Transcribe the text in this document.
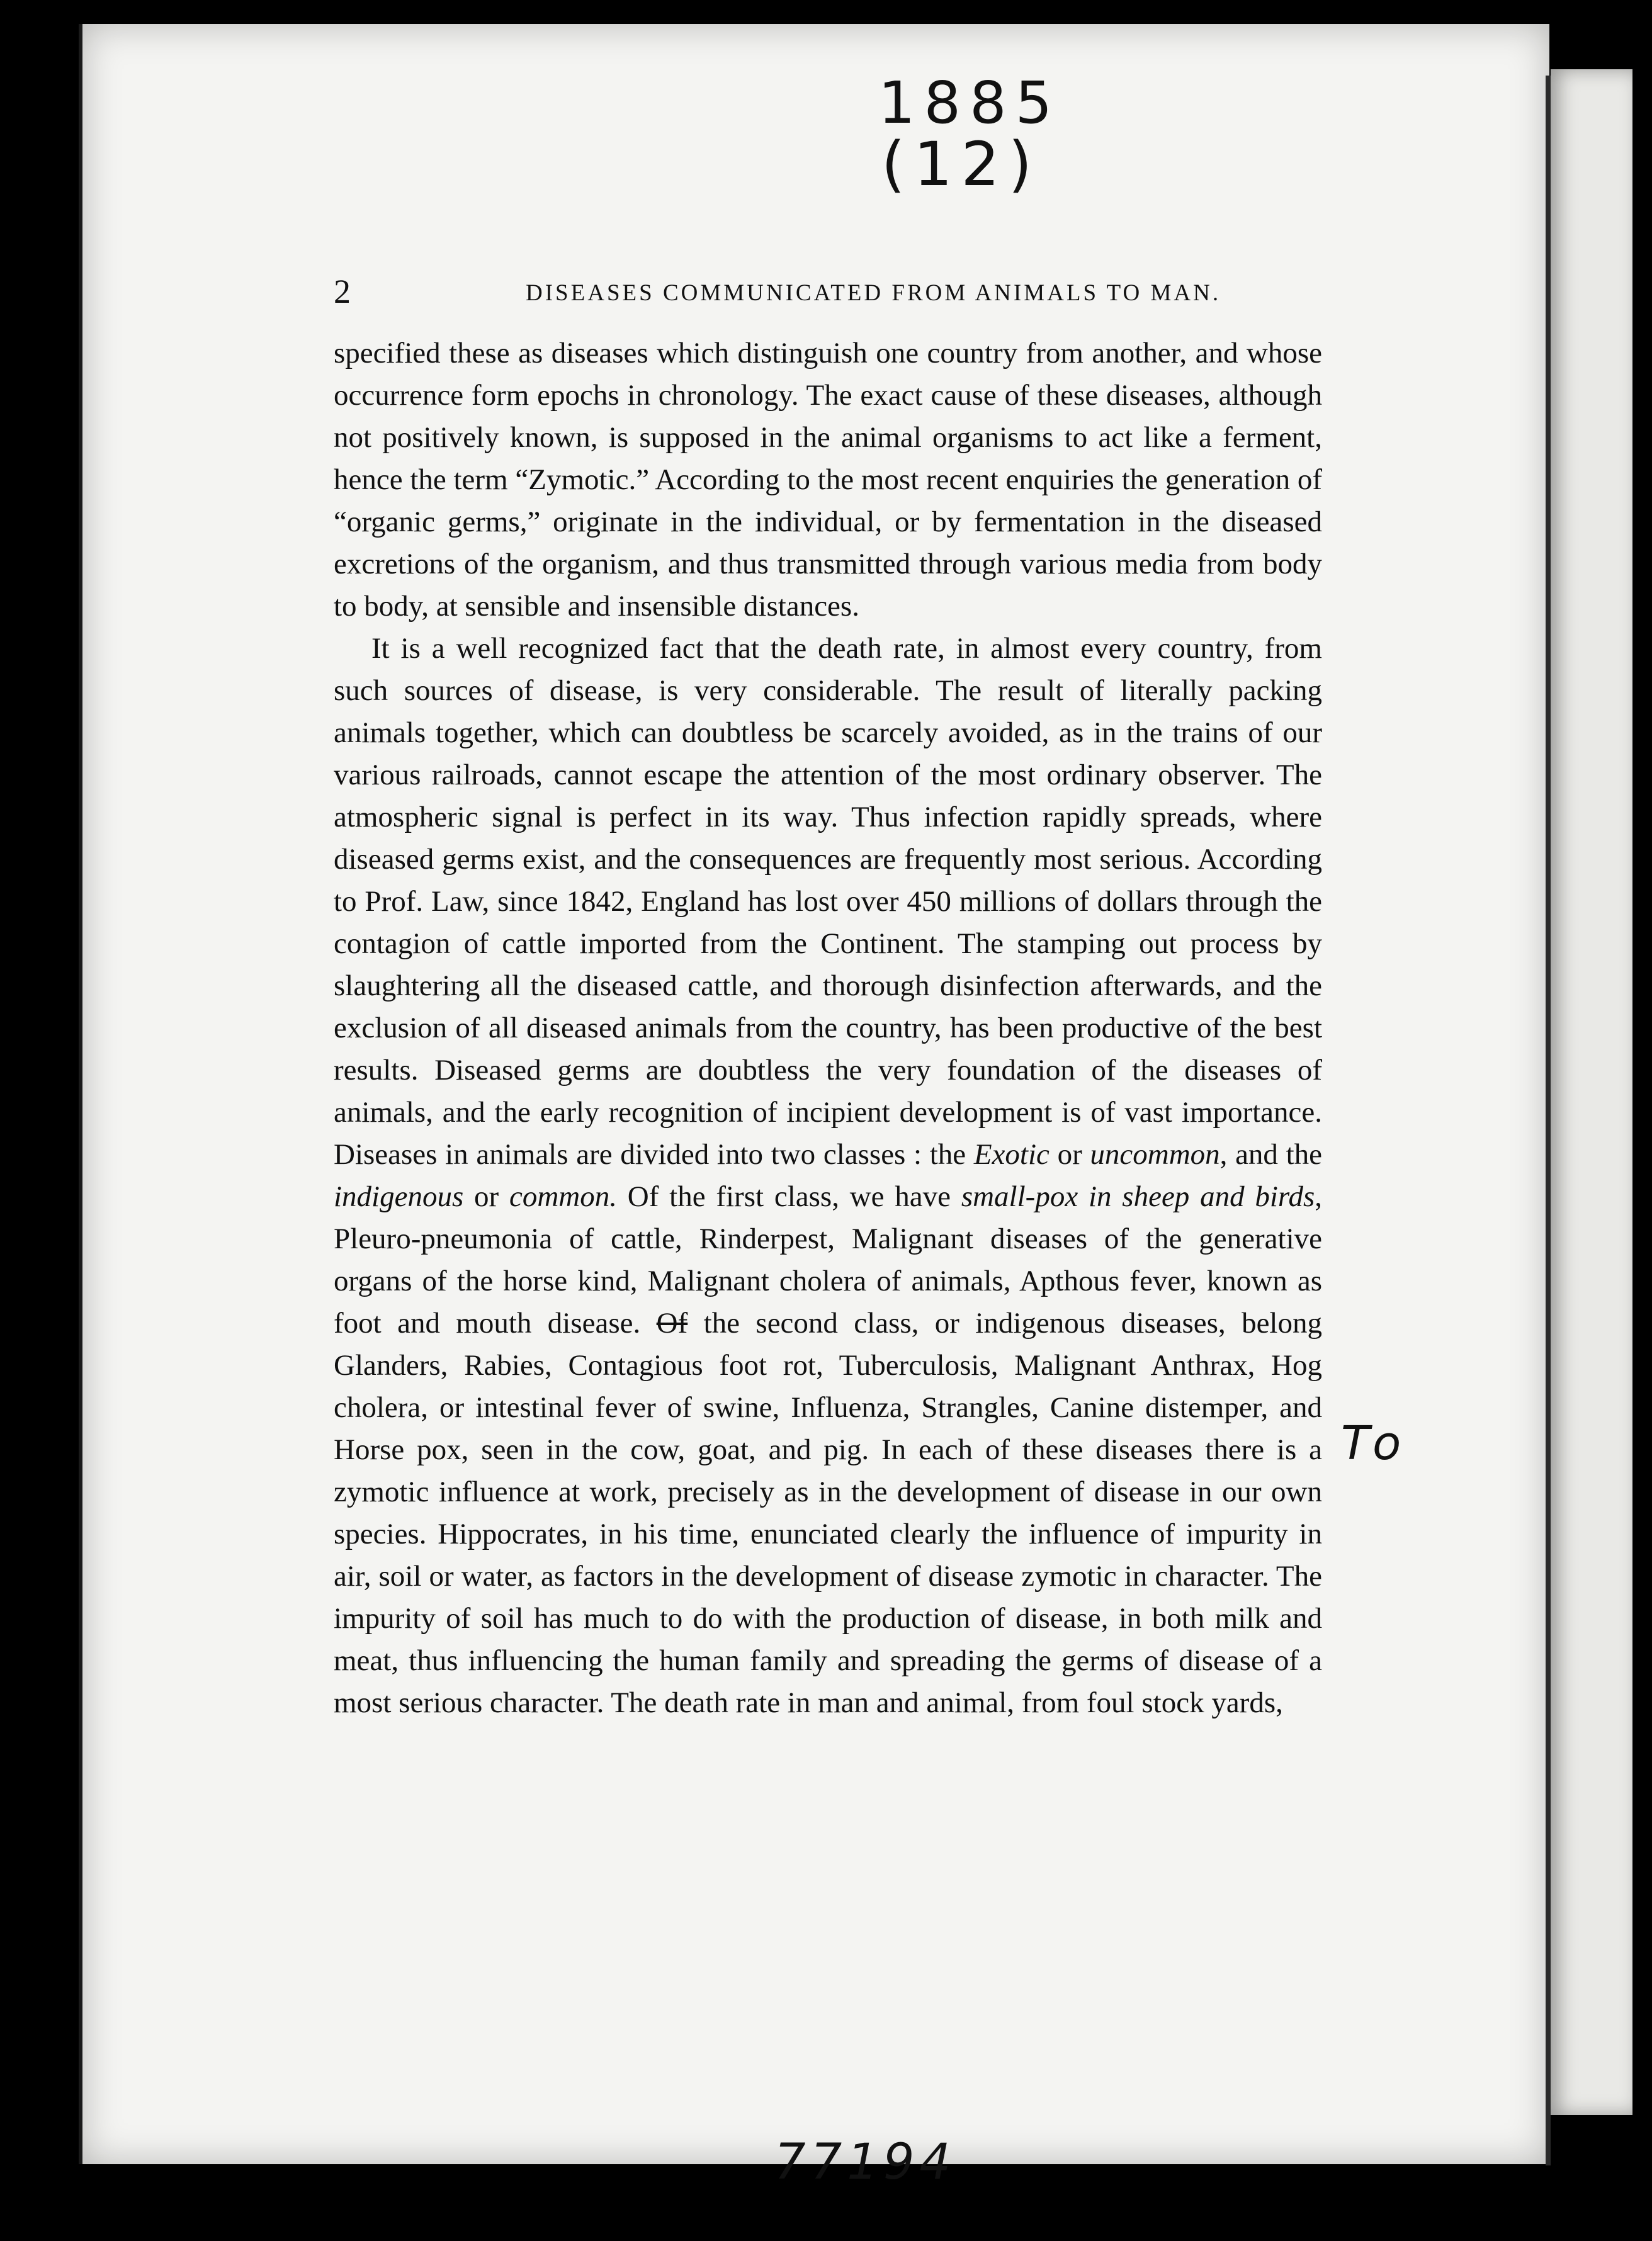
1885
(12)
To
77194
2	DISEASES COMMUNICATED FROM ANIMALS TO MAN.

specified these as diseases which distinguish one country from another, and whose occurrence form epochs in chronology. The exact cause of these diseases, although not positively known, is supposed in the animal organisms to act like a ferment, hence the term “Zymotic.” According to the most recent enquiries the generation of “organic germs,” originate in the individual, or by fermentation in the diseased excretions of the organism, and thus transmitted through various media from body to body, at sensible and insensible distances.

It is a well recognized fact that the death rate, in almost every country, from such sources of disease, is very considerable. The result of literally packing animals together, which can doubtless be scarcely avoided, as in the trains of our various railroads, cannot escape the attention of the most ordinary observer. The atmospheric signal is perfect in its way. Thus infection rapidly spreads, where diseased germs exist, and the consequences are frequently most serious. According to Prof. Law, since 1842, England has lost over 450 millions of dollars through the contagion of cattle imported from the Continent. The stamping out process by slaughtering all the diseased cattle, and thorough disinfection afterwards, and the exclusion of all diseased animals from the country, has been productive of the best results. Diseased germs are doubtless the very foundation of the diseases of animals, and the early recognition of incipient development is of vast importance. Diseases in animals are divided into two classes : the Exotic or uncommon, and the indigenous or common. Of the first class, we have small-pox in sheep and birds, Pleuro-pneumonia of cattle, Rinderpest, Malignant diseases of the generative organs of the horse kind, Malignant cholera of animals, Apthous fever, known as foot and mouth disease. Of the second class, or indigenous diseases, belong Glanders, Rabies, Contagious foot rot, Tuberculosis, Malignant Anthrax, Hog cholera, or intestinal fever of swine, Influenza, Strangles, Canine distemper, and Horse pox, seen in the cow, goat, and pig. In each of these diseases there is a zymotic influence at work, precisely as in the development of disease in our own species. Hippocrates, in his time, enunciated clearly the influence of impurity in air, soil or water, as factors in the development of disease zymotic in character. The impurity of soil has much to do with the production of disease, in both milk and meat, thus influencing the human family and spreading the germs of disease of a most serious character. The death rate in man and animal, from foul stock yards,
